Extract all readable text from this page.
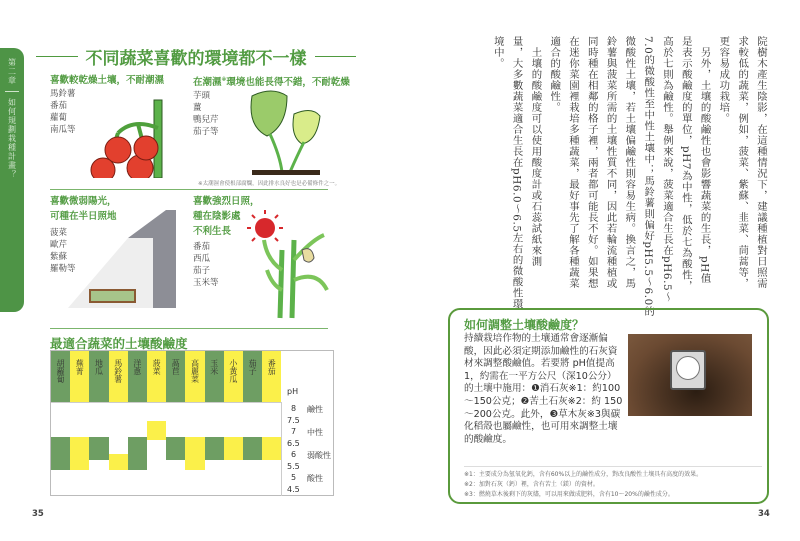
第二章
如何規劃栽種計畫？
不同蔬菜喜歡的環境都不一樣
喜歡較乾燥土壤，不耐潮濕
馬鈴薯
番茄
蘿蔔
南瓜等
在潮濕※環境也能長得不錯，不耐乾燥
芋頭
薑
鴨兒芹
茄子等
※太潮濕會使根部腐爛，因此排水良好也是必備條件之一。
喜歡微弱陽光，
可種在半日照地
菠菜
歐芹
紫蘇
羅勒等
喜歡強烈日照，
種在陰影處
不利生長
番茄
西瓜
茄子
玉米等
最適合蔬菜的土壤酸鹼度
胡蘿蔔	蕪菁	地瓜	馬鈴薯	洋蔥	菠菜	萵苣	高麗菜	玉米	小黃瓜	茄子	番茄
8
7.5
7
6.5
6
5.5
5
4.5
鹼性
中性
弱酸性
酸性
pH
院樹木產生陰影，在這種情況下，建議種植對日照需
求較低的蔬菜，例如，菠菜、紫蘇、韭菜、茼蒿等，
更容易成功栽培。
　另外，土壤的酸鹼性也會影響蔬菜的生長，pH值
是表示酸鹼度的單位，pH7為中性，低於七為酸性，
高於七則為鹼性。舉例來說，菠菜適合生長在pH6.5～
7.0的微酸性至中性土壤中；馬鈴薯則偏好pH5.5～6.0的
微酸性土壤，若土壤偏鹼性則容易生病。換言之，馬
鈴薯與菠菜所需的土壤性質不同，因此若輪流種植或
同時種在相鄰的格子裡，兩者都可能長不好。如果想
在迷你菜園裡栽培多種蔬菜，最好事先了解各種蔬菜
適合的酸鹼性。
　土壤的酸鹼度可以使用酸度計或石蕊試紙來測
量，大多數蔬菜適合生長在pH6.0～6.5左右的微酸性環
境中。
如何調整土壤酸鹼度？
持續栽培作物的土壤通常會逐漸偏酸，因此必須定期添加鹼性的石灰資材來調整酸鹼值。若要將 pH值提高1，約需在一平方公尺（深10公分）的土壤中施用：❶消石灰※1：約100～150公克；❷苦土石灰※2：約 150～200公克。此外，❸草木灰※3與碳化稻殼也屬鹼性，也可用來調整土壤的酸鹼度。
※1：主要成分為氫氧化鈣，含有60%以上的鹼性成分，對改良酸性土壤具有高度的效果。
※2：加對石灰（鈣）裡，含有苦土（鎂）的資材。
※3：燃燒草木後剩下的灰燼，可以用來做成肥料，含有10～20%的鹼性成分。
35	34
